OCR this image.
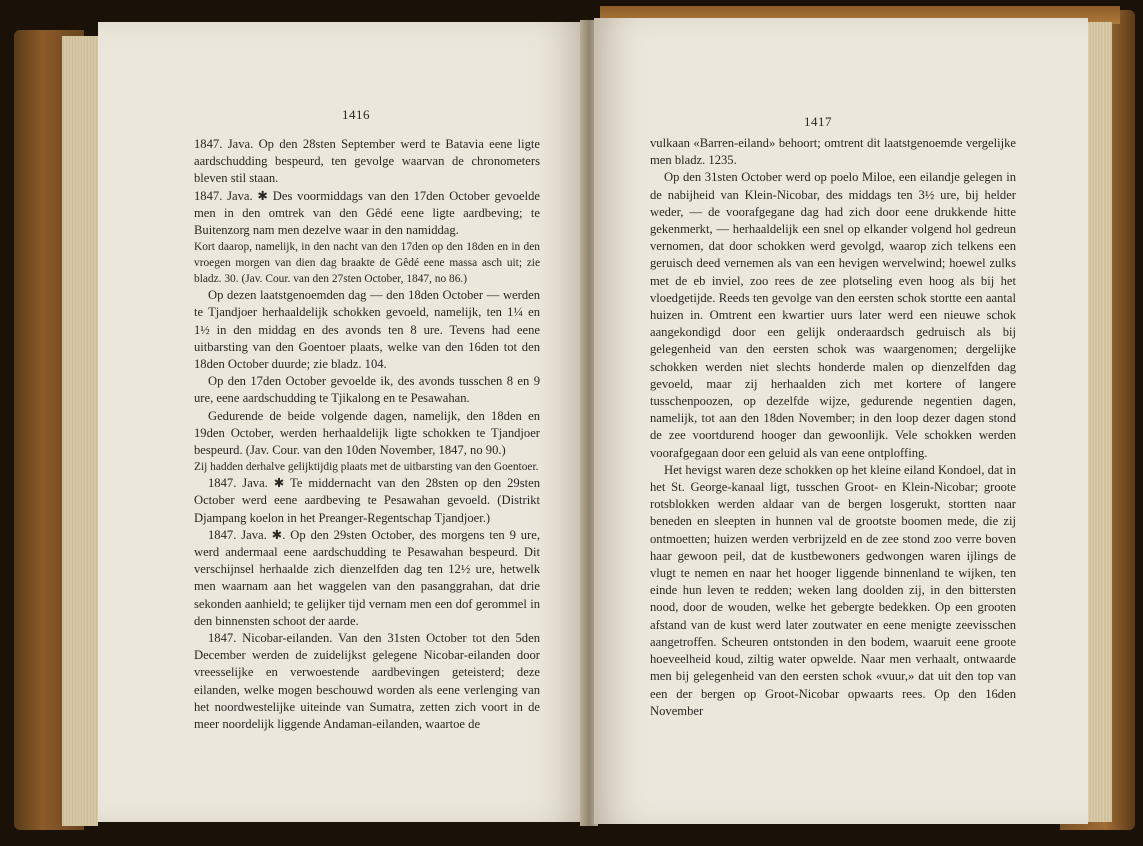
1416

1847. Java. Op den 28sten September werd te Batavia eene ligte aardschudding bespeurd, ten gevolge waarvan de chronometers bleven stil staan.

1847. Java. ✱ Des voormiddags van den 17den October gevoelde men in den omtrek van den Gêdé eene ligte aardbeving; te Buitenzorg nam men dezelve waar in den namiddag.

Kort daarop, namelijk, in den nacht van den 17den op den 18den en in den vroegen morgen van dien dag braakte de Gêdé eene massa asch uit; zie bladz. 30. (Jav. Cour. van den 27sten October, 1847, no 86.)

Op dezen laatstgenoemden dag — den 18den October — werden te Tjandjoer herhaaldelijk schokken gevoeld, namelijk, ten 1¼ en 1½ in den middag en des avonds ten 8 ure. Tevens had eene uitbarsting van den Goentoer plaats, welke van den 16den tot den 18den October duurde; zie bladz. 104.

Op den 17den October gevoelde ik, des avonds tusschen 8 en 9 ure, eene aardschudding te Tjikalong en te Pesawahan.

Gedurende de beide volgende dagen, namelijk, den 18den en 19den October, werden herhaaldelijk ligte schokken te Tjandjoer bespeurd. (Jav. Cour. van den 10den November, 1847, no 90.)

Zij hadden derhalve gelijktijdig plaats met de uitbarsting van den Goentoer.

1847. Java. ✱ Te middernacht van den 28sten op den 29sten October werd eene aardbeving te Pesawahan gevoeld. (Distrikt Djampang koelon in het Preanger-Regentschap Tjandjoer.)

1847. Java. ✱. Op den 29sten October, des morgens ten 9 ure, werd andermaal eene aardschudding te Pesawahan bespeurd. Dit verschijnsel herhaalde zich dienzelfden dag ten 12½ ure, hetwelk men waarnam aan het waggelen van den pasanggrahan, dat drie sekonden aanhield; te gelijker tijd vernam men een dof gerommel in den binnensten schoot der aarde.

1847. Nicobar-eilanden. Van den 31sten October tot den 5den December werden de zuidelijkst gelegene Nicobar-eilanden door vreesselijke en verwoestende aardbevingen geteisterd; deze eilanden, welke mogen beschouwd worden als eene verlenging van het noordwestelijke uiteinde van Sumatra, zetten zich voort in de meer noordelijk liggende Andaman-eilanden, waartoe de

1417

vulkaan «Barren-eiland» behoort; omtrent dit laatstgenoemde vergelijke men bladz. 1235.

Op den 31sten October werd op poelo Miloe, een eilandje gelegen in de nabijheid van Klein-Nicobar, des middags ten 3½ ure, bij helder weder, — de voorafgegane dag had zich door eene drukkende hitte gekenmerkt, — herhaaldelijk een snel op elkander volgend hol gedreun vernomen, dat door schokken werd gevolgd, waarop zich telkens een geruisch deed vernemen als van een hevigen wervelwind; hoewel zulks met de eb inviel, zoo rees de zee plotseling even hoog als bij het vloedgetijde. Reeds ten gevolge van den eersten schok stortte een aantal huizen in. Omtrent een kwartier uurs later werd een nieuwe schok aangekondigd door een gelijk onderaardsch gedruisch als bij gelegenheid van den eersten schok was waargenomen; dergelijke schokken werden niet slechts honderde malen op dienzelfden dag gevoeld, maar zij herhaalden zich met kortere of langere tusschenpoozen, op dezelfde wijze, gedurende negentien dagen, namelijk, tot aan den 18den November; in den loop dezer dagen stond de zee voortdurend hooger dan gewoonlijk. Vele schokken werden voorafgegaan door een geluid als van eene ontploffing.

Het hevigst waren deze schokken op het kleine eiland Kondoel, dat in het St. George-kanaal ligt, tusschen Groot- en Klein-Nicobar; groote rotsblokken werden aldaar van de bergen losgerukt, stortten naar beneden en sleepten in hunnen val de grootste boomen mede, die zij ontmoetten; huizen werden verbrijzeld en de zee stond zoo verre boven haar gewoon peil, dat de kustbewoners gedwongen waren ijlings de vlugt te nemen en naar het hooger liggende binnenland te wijken, ten einde hun leven te redden; weken lang doolden zij, in den bittersten nood, door de wouden, welke het gebergte bedekken. Op een grooten afstand van de kust werd later zoutwater en eene menigte zeevisschen aangetroffen. Scheuren ontstonden in den bodem, waaruit eene groote hoeveelheid koud, ziltig water opwelde. Naar men verhaalt, ontwaarde men bij gelegenheid van den eersten schok «vuur,» dat uit den top van een der bergen op Groot-Nicobar opwaarts rees. Op den 16den November
